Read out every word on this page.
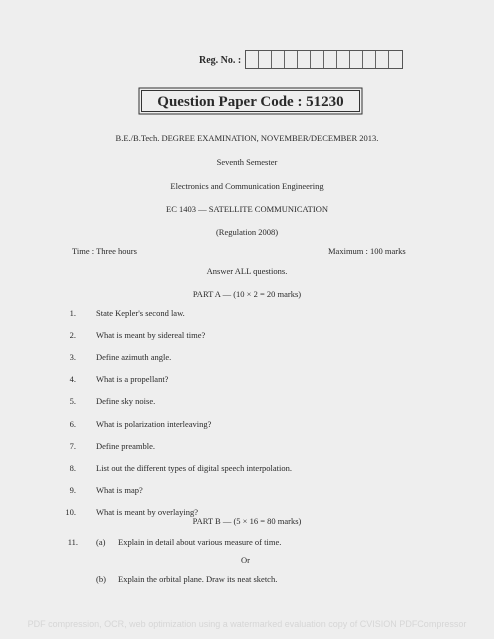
Reg. No. :
Question Paper Code : 51230
B.E./B.Tech. DEGREE EXAMINATION, NOVEMBER/DECEMBER 2013.
Seventh Semester
Electronics and Communication Engineering
EC 1403 — SATELLITE COMMUNICATION
(Regulation 2008)
Time : Three hours	Maximum : 100 marks
Answer ALL questions.
PART A — (10 × 2 = 20 marks)
1. State Kepler's second law.
2. What is meant by sidereal time?
3. Define azimuth angle.
4. What is a propellant?
5. Define sky noise.
6. What is polarization interleaving?
7. Define preamble.
8. List out the different types of digital speech interpolation.
9. What is map?
10. What is meant by overlaying?
PART B — (5 × 16 = 80 marks)
11. (a) Explain in detail about various measure of time.
Or
(b) Explain the orbital plane. Draw its neat sketch.
PDF compression, OCR, web optimization using a watermarked evaluation copy of CVISION PDFCompressor
